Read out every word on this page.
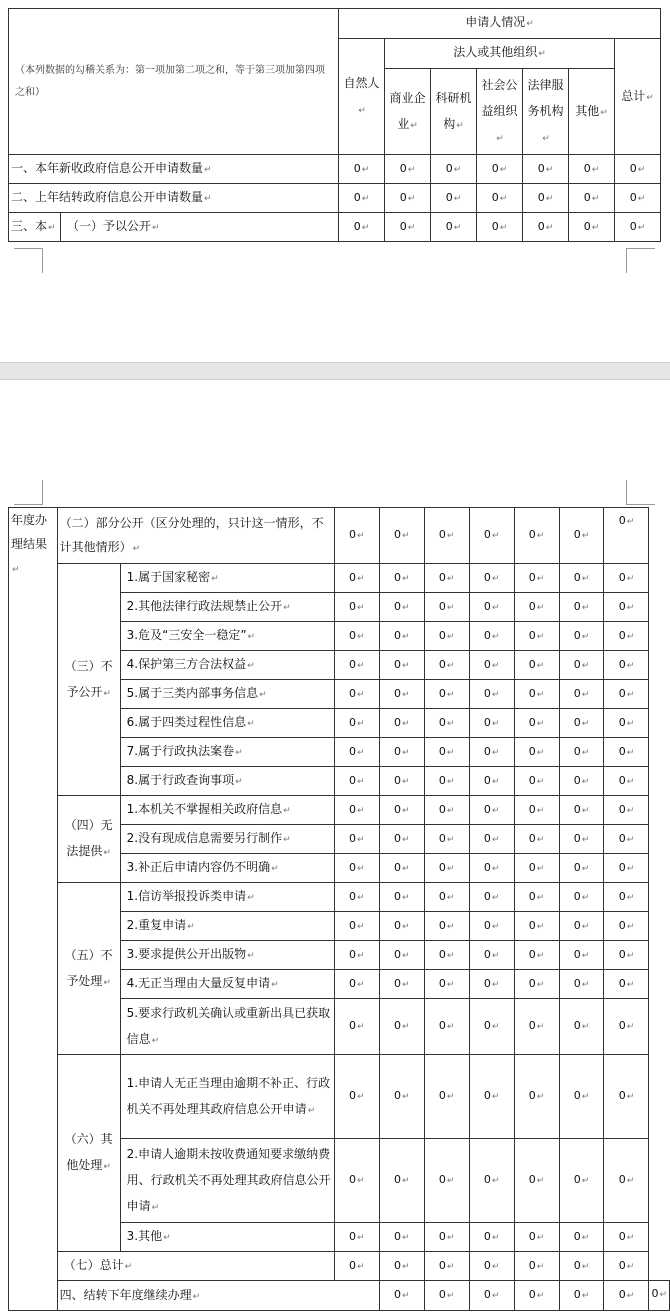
（本列数据的勾稽关系为：第一项加第二项之和，等于第三项加第四项之和）		申请人情况↵						
		自然人↵	法人或其他组织↵					总计↵
			商业企业↵	科研机构↵	社会公益组织↵	法律服务机构↵	其他↵	
一、本年新收政府信息公开申请数量↵		0↵	0↵	0↵	0↵	0↵	0↵	0↵
二、上年结转政府信息公开申请数量↵		0↵	0↵	0↵	0↵	0↵	0↵	0↵
三、本↵	（一）予以公开↵	0↵	0↵	0↵	0↵	0↵	0↵	0↵
年度办理结果↵	（二）部分公开（区分处理的，只计这一情形，不计其他情形）↵		0↵	0↵	0↵	0↵	0↵	0↵	0↵	
	（三）不予公开↵	1.属于国家秘密↵	0↵	0↵	0↵	0↵	0↵	0↵	0↵	
		2.其他法律行政法规禁止公开↵	0↵	0↵	0↵	0↵	0↵	0↵	0↵	
		3.危及“三安全一稳定”↵	0↵	0↵	0↵	0↵	0↵	0↵	0↵	
		4.保护第三方合法权益↵	0↵	0↵	0↵	0↵	0↵	0↵	0↵	
		5.属于三类内部事务信息↵	0↵	0↵	0↵	0↵	0↵	0↵	0↵	
		6.属于四类过程性信息↵	0↵	0↵	0↵	0↵	0↵	0↵	0↵	
		7.属于行政执法案卷↵	0↵	0↵	0↵	0↵	0↵	0↵	0↵	
		8.属于行政查询事项↵	0↵	0↵	0↵	0↵	0↵	0↵	0↵	
	（四）无法提供↵	1.本机关不掌握相关政府信息↵	0↵	0↵	0↵	0↵	0↵	0↵	0↵	
		2.没有现成信息需要另行制作↵	0↵	0↵	0↵	0↵	0↵	0↵	0↵	
		3.补正后申请内容仍不明确↵	0↵	0↵	0↵	0↵	0↵	0↵	0↵	
	（五）不予处理↵	1.信访举报投诉类申请↵	0↵	0↵	0↵	0↵	0↵	0↵	0↵	
		2.重复申请↵	0↵	0↵	0↵	0↵	0↵	0↵	0↵	
		3.要求提供公开出版物↵	0↵	0↵	0↵	0↵	0↵	0↵	0↵	
		4.无正当理由大量反复申请↵	0↵	0↵	0↵	0↵	0↵	0↵	0↵	
		5.要求行政机关确认或重新出具已获取信息↵	0↵	0↵	0↵	0↵	0↵	0↵	0↵	
	（六）其他处理↵	1.申请人无正当理由逾期不补正、行政机关不再处理其政府信息公开申请↵	0↵	0↵	0↵	0↵	0↵	0↵	0↵	
		2.申请人逾期未按收费通知要求缴纳费用、行政机关不再处理其政府信息公开申请↵	0↵	0↵	0↵	0↵	0↵	0↵	0↵	
		3.其他↵	0↵	0↵	0↵	0↵	0↵	0↵	0↵	
	（七）总计↵		0↵	0↵	0↵	0↵	0↵	0↵	0↵	
	四、结转下年度继续办理↵			0↵	0↵	0↵	0↵	0↵	0↵	0↵
